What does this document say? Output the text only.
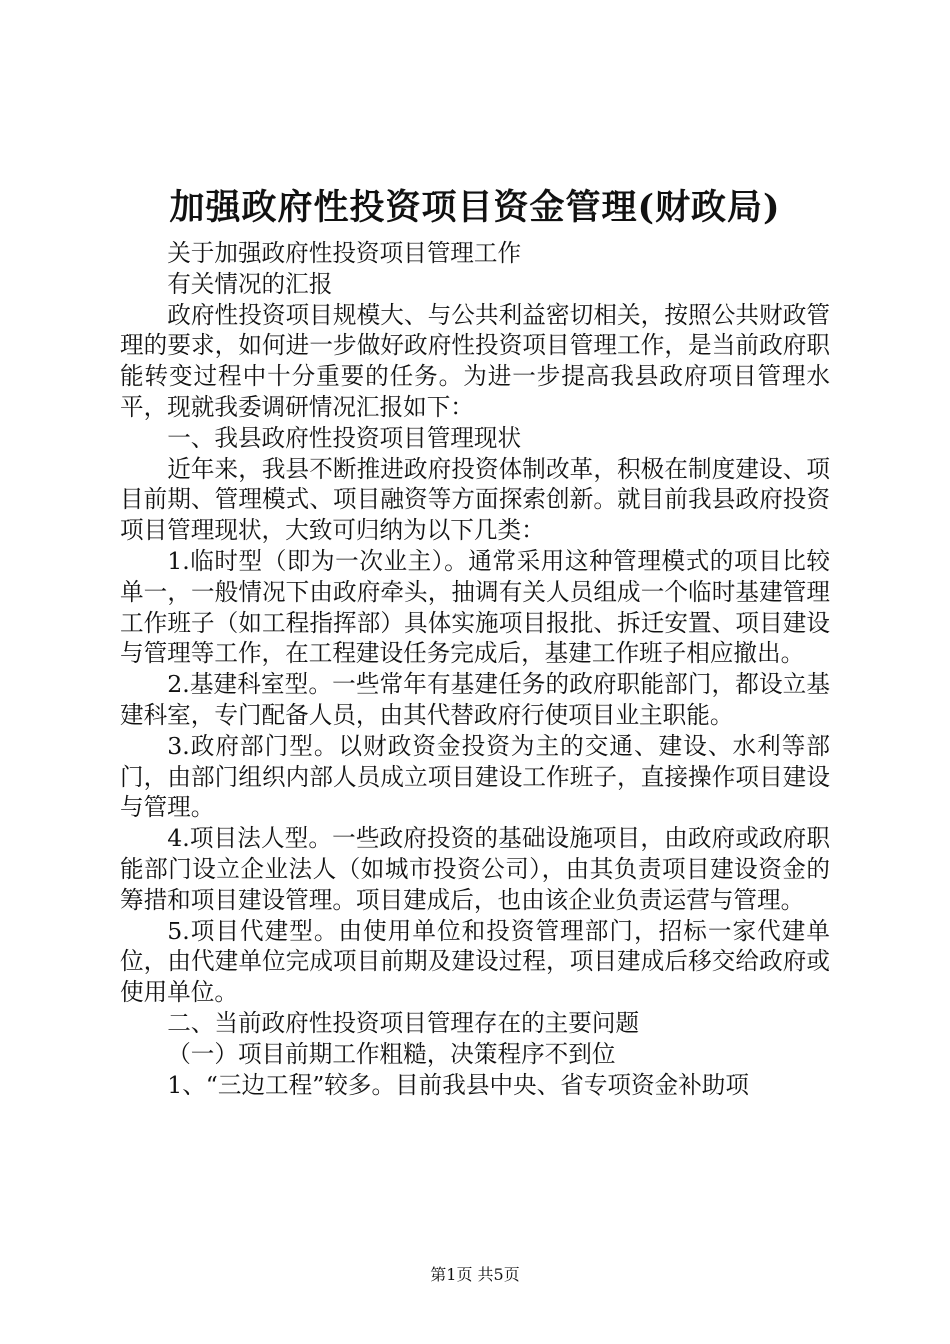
加强政府性投资项目资金管理(财政局)

关于加强政府性投资项目管理工作

有关情况的汇报

政府性投资项目规模大、与公共利益密切相关，按照公共财政管理的要求，如何进一步做好政府性投资项目管理工作，是当前政府职能转变过程中十分重要的任务。为进一步提高我县政府项目管理水平，现就我委调研情况汇报如下：

一、我县政府性投资项目管理现状

近年来，我县不断推进政府投资体制改革，积极在制度建设、项目前期、管理模式、项目融资等方面探索创新。就目前我县政府投资项目管理现状，大致可归纳为以下几类：

1.临时型（即为一次业主）。通常采用这种管理模式的项目比较单一，一般情况下由政府牵头，抽调有关人员组成一个临时基建管理工作班子（如工程指挥部）具体实施项目报批、拆迁安置、项目建设与管理等工作，在工程建设任务完成后，基建工作班子相应撤出。

2.基建科室型。一些常年有基建任务的政府职能部门，都设立基建科室，专门配备人员，由其代替政府行使项目业主职能。

3.政府部门型。以财政资金投资为主的交通、建设、水利等部门，由部门组织内部人员成立项目建设工作班子，直接操作项目建设与管理。

4.项目法人型。一些政府投资的基础设施项目，由政府或政府职能部门设立企业法人（如城市投资公司），由其负责项目建设资金的筹措和项目建设管理。项目建成后，也由该企业负责运营与管理。

5.项目代建型。由使用单位和投资管理部门，招标一家代建单位，由代建单位完成项目前期及建设过程，项目建成后移交给政府或使用单位。

二、当前政府性投资项目管理存在的主要问题

（一）项目前期工作粗糙，决策程序不到位

1、“三边工程”较多。目前我县中央、省专项资金补助项

第1页 共5页
